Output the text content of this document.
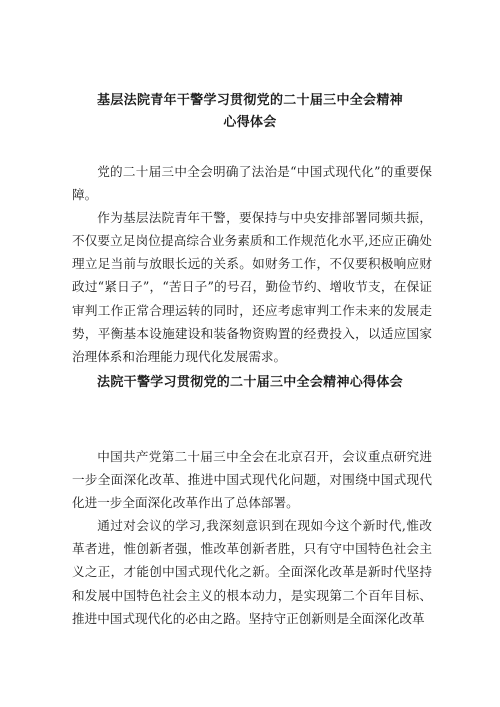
基层法院青年干警学习贯彻党的二十届三中全会精神
心得体会

党的二十届三中全会明确了法治是“中国式现代化”的重要保障。

作为基层法院青年干警，要保持与中央安排部署同频共振，不仅要立足岗位提高综合业务素质和工作规范化水平,还应正确处理立足当前与放眼长远的关系。如财务工作，不仅要积极响应财政过“紧日子”，“苦日子”的号召，勤俭节约、增收节支，在保证审判工作正常合理运转的同时，还应考虑审判工作未来的发展走势，平衡基本设施建设和装备物资购置的经费投入，以适应国家治理体系和治理能力现代化发展需求。

法院干警学习贯彻党的二十届三中全会精神心得体会

中国共产党第二十届三中全会在北京召开，会议重点研究进一步全面深化改革、推进中国式现代化问题，对围绕中国式现代化进一步全面深化改革作出了总体部署。

通过对会议的学习,我深刻意识到在现如今这个新时代,惟改革者进，惟创新者强，惟改革创新者胜，只有守中国特色社会主义之正，才能创中国式现代化之新。全面深化改革是新时代坚持和发展中国特色社会主义的根本动力，是实现第二个百年目标、推进中国式现代化的必由之路。坚持守正创新则是全面深化改革
